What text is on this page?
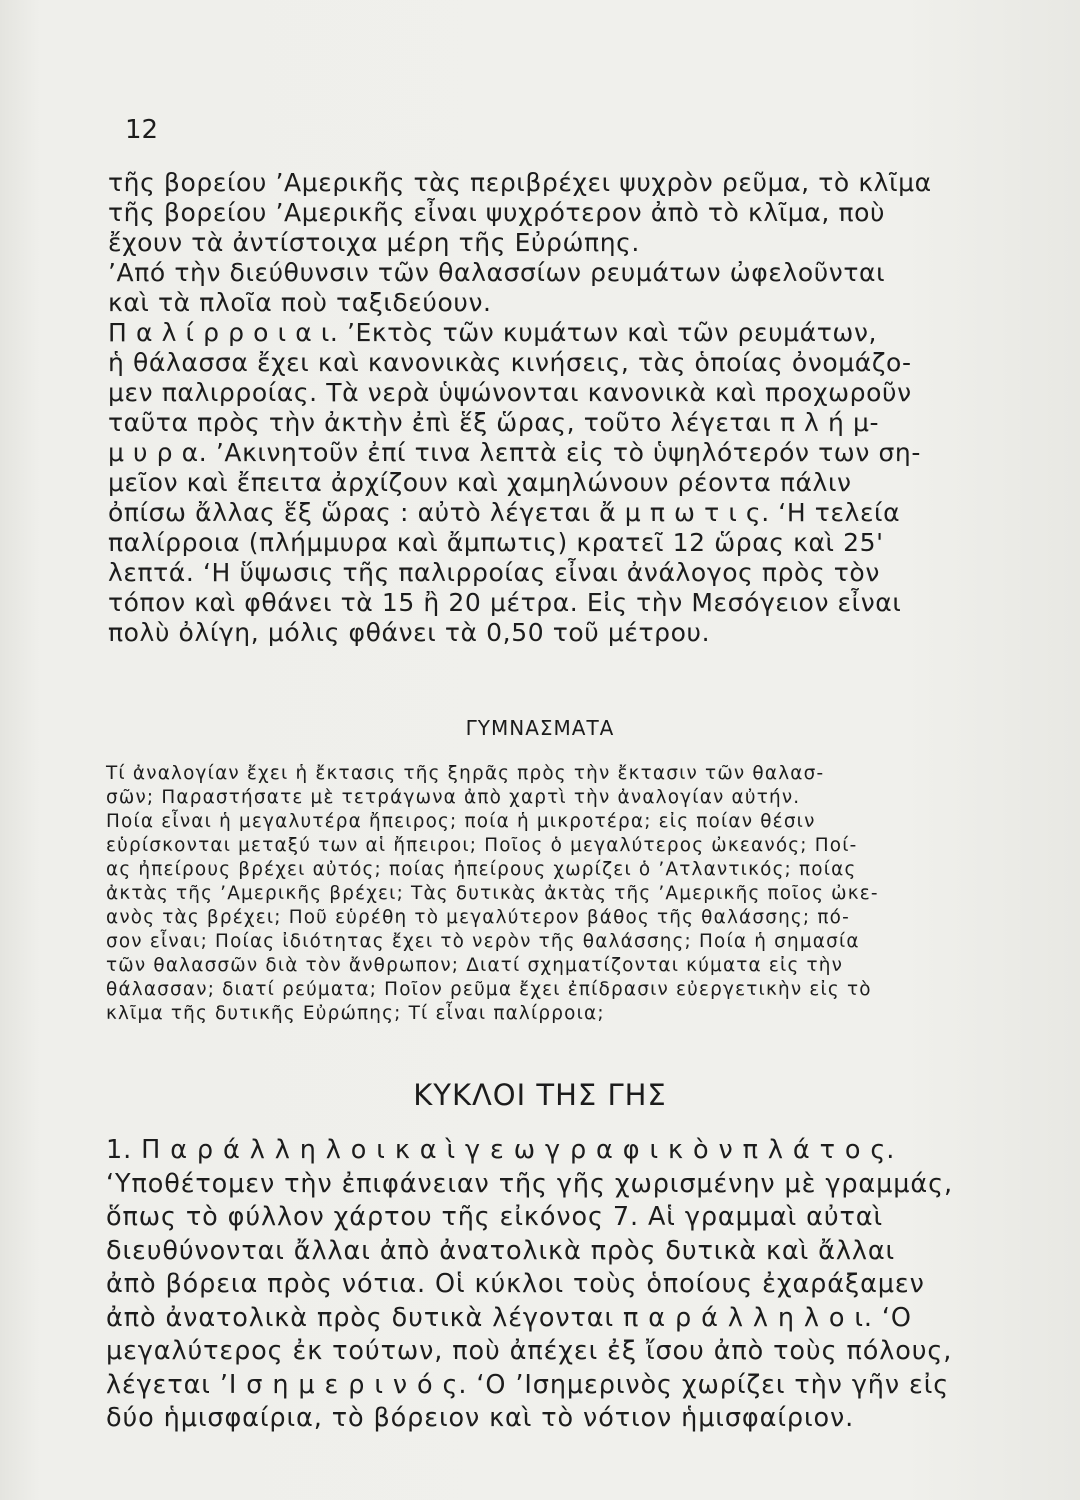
12
τῆς βορείου ’Αμερικῆς τὰς περιβρέχει ψυχρὸν ρεῦμα, τὸ κλῖμα
τῆς βορείου ’Αμερικῆς εἶναι ψυχρότερον ἀπὸ τὸ κλῖμα, ποὺ
ἔχουν τὰ ἀντίστοιχα μέρη τῆς Εὐρώπης.
’Από τὴν διεύθυνσιν τῶν θαλασσίων ρευμάτων ὠφελοῦνται
καὶ τὰ πλοῖα ποὺ ταξιδεύουν.
Π α λ ί ρ ρ ο ι α ι. ’Εκτὸς τῶν κυμάτων καὶ τῶν ρευμάτων,
ἡ θάλασσα ἔχει καὶ κανονικὰς κινήσεις, τὰς ὁποίας ὀνομάζο-
μεν παλιρροίας. Τὰ νερὰ ὑψώνονται κανονικὰ καὶ προχωροῦν
ταῦτα πρὸς τὴν ἀκτὴν ἐπὶ ἕξ ὥρας, τοῦτο λέγεται π λ ή μ-
μ υ ρ α. ’Ακινητοῦν ἐπί τινα λεπτὰ εἰς τὸ ὑψηλότερόν των ση-
μεῖον καὶ ἔπειτα ἀρχίζουν καὶ χαμηλώνουν ρέοντα πάλιν
ὀπίσω ἄλλας ἕξ ὥρας : αὐτὸ λέγεται ἄ μ π ω τ ι ς. ‘Η τελεία
παλίρροια (πλήμμυρα καὶ ἄμπωτις) κρατεῖ 12 ὥρας καὶ 25'
λεπτά. ‘Η ὕψωσις τῆς παλιρροίας εἶναι ἀνάλογος πρὸς τὸν
τόπον καὶ φθάνει τὰ 15 ἢ 20 μέτρα. Εἰς τὴν Μεσόγειον εἶναι
πολὺ ὀλίγη, μόλις φθάνει τὰ 0,50 τοῦ μέτρου.
ΓΥΜΝΑΣΜΑΤΑ
Τί ἀναλογίαν ἔχει ἡ ἔκτασις τῆς ξηρᾶς πρὸς τὴν ἔκτασιν τῶν θαλασ-
σῶν; Παραστήσατε μὲ τετράγωνα ἀπὸ χαρτὶ τὴν ἀναλογίαν αὐτήν.
Ποία εἶναι ἡ μεγαλυτέρα ἤπειρος; ποία ἡ μικροτέρα; εἰς ποίαν θέσιν
εὑρίσκονται μεταξύ των αἱ ἤπειροι; Ποῖος ὁ μεγαλύτερος ὠκεανός; Ποί-
ας ἠπείρους βρέχει αὐτός; ποίας ἠπείρους χωρίζει ὁ ’Ατλαντικός; ποίας
ἀκτὰς τῆς ’Αμερικῆς βρέχει; Τὰς δυτικὰς ἀκτὰς τῆς ’Αμερικῆς ποῖος ὠκε-
ανὸς τὰς βρέχει; Ποῦ εὑρέθη τὸ μεγαλύτερον βάθος τῆς θαλάσσης; πό-
σον εἶναι; Ποίας ἰδιότητας ἔχει τὸ νερὸν τῆς θαλάσσης; Ποία ἡ σημασία
τῶν θαλασσῶν διὰ τὸν ἄνθρωπον; Διατί σχηματίζονται κύματα εἰς τὴν
θάλασσαν; διατί ρεύματα; Ποῖον ρεῦμα ἔχει ἐπίδρασιν εὐεργετικὴν εἰς τὸ
κλῖμα τῆς δυτικῆς Εὐρώπης; Τί εἶναι παλίρροια;
ΚΥΚΛΟΙ ΤΗΣ ΓΗΣ
1. Π α ρ ά λ λ η λ ο ι κ α ὶ γ ε ω γ ρ α φ ι κ ὸ ν π λ ά τ ο ς.
‘Υποθέτομεν τὴν ἐπιφάνειαν τῆς γῆς χωρισμένην μὲ γραμμάς,
ὅπως τὸ φύλλον χάρτου τῆς εἰκόνος 7. Αἱ γραμμαὶ αὐταὶ
διευθύνονται ἄλλαι ἀπὸ ἀνατολικὰ πρὸς δυτικὰ καὶ ἄλλαι
ἀπὸ βόρεια πρὸς νότια. Οἱ κύκλοι τοὺς ὁποίους ἐχαράξαμεν
ἀπὸ ἀνατολικὰ πρὸς δυτικὰ λέγονται π α ρ ά λ λ η λ ο ι. ‘Ο
μεγαλύτερος ἐκ τούτων, ποὺ ἀπέχει ἐξ ἴσου ἀπὸ τοὺς πόλους,
λέγεται ’Ι σ η μ ε ρ ι ν ό ς. ‘Ο ’Ισημερινὸς χωρίζει τὴν γῆν εἰς
δύο ἡμισφαίρια, τὸ βόρειον καὶ τὸ νότιον ἡμισφαίριον.
